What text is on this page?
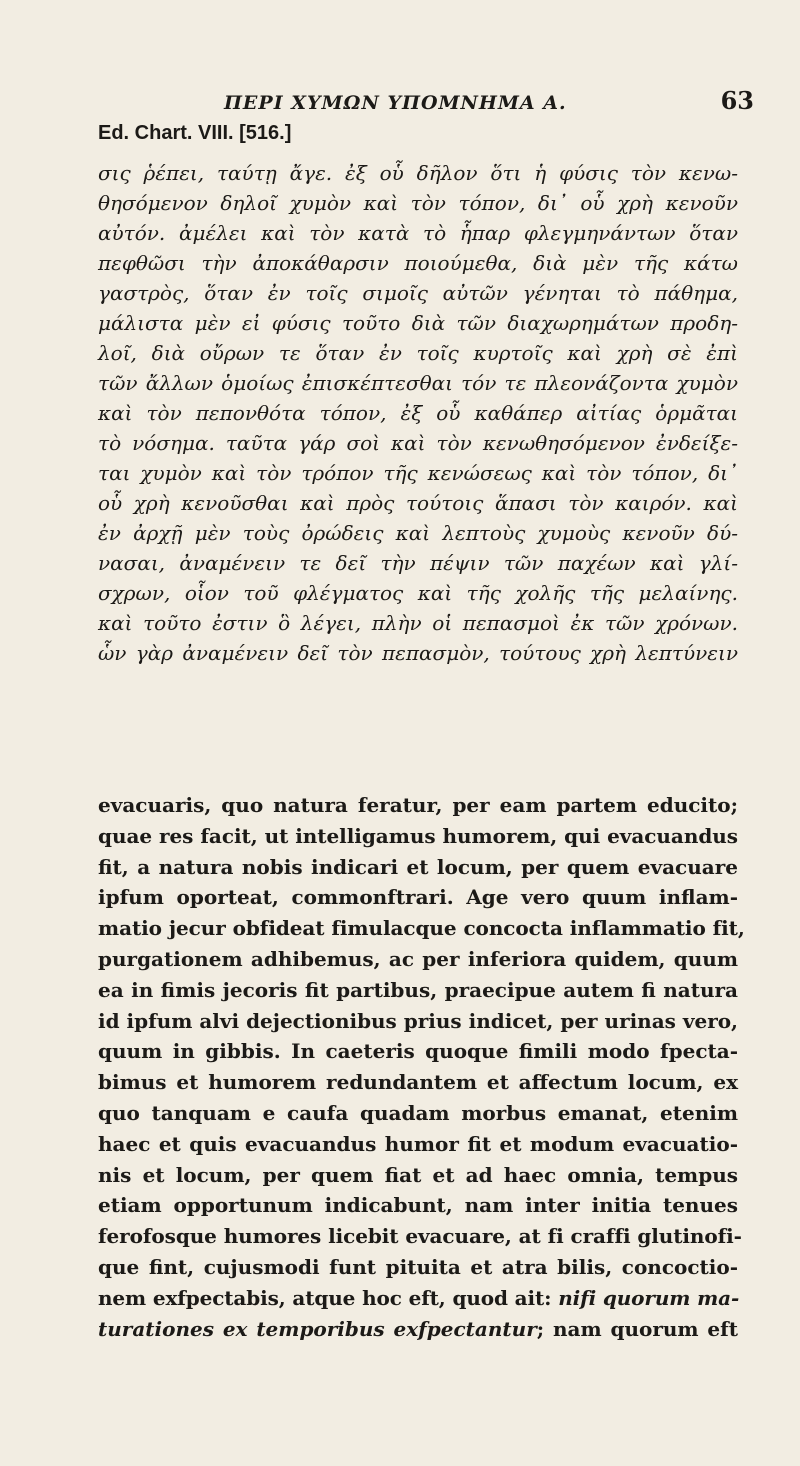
ΠΕΡΙ ΧΥΜΩΝ ΥΠΟΜΝΗΜΑ Α.	63
Ed. Chart. VIII. [516.]
σις ῥέπει, ταύτῃ ἄγε. ἐξ οὗ δῆλον ὅτι ἡ φύσις τὸν κενω-
θησόμενον δηλοῖ χυμὸν καὶ τὸν τόπον, δι᾽ οὗ χρὴ κενοῦν
αὐτόν. ἀμέλει καὶ τὸν κατὰ τὸ ἧπαρ φλεγμηνάντων ὅταν
πεφθῶσι τὴν ἀποκάθαρσιν ποιούμεθα, διὰ μὲν τῆς κάτω
γαστρὸς, ὅταν ἐν τοῖς σιμοῖς αὐτῶν γένηται τὸ πάθημα,
μάλιστα μὲν εἰ φύσις τοῦτο διὰ τῶν διαχωρημάτων προδη-
λοῖ, διὰ οὔρων τε ὅταν ἐν τοῖς κυρτοῖς καὶ χρὴ σὲ ἐπὶ
τῶν ἄλλων ὁμοίως ἐπισκέπτεσθαι τόν τε πλεονάζοντα χυμὸν
καὶ τὸν πεπονθότα τόπον, ἐξ οὗ καθάπερ αἰτίας ὁρμᾶται
τὸ νόσημα. ταῦτα γάρ σοὶ καὶ τὸν κενωθησόμενον ἐνδείξε-
ται χυμὸν καὶ τὸν τρόπον τῆς κενώσεως καὶ τὸν τόπον, δι᾽
οὗ χρὴ κενοῦσθαι καὶ πρὸς τούτοις ἅπασι τὸν καιρόν. καὶ
ἐν ἀρχῇ μὲν τοὺς ὀρώδεις καὶ λεπτοὺς χυμοὺς κενοῦν δύ-
νασαι, ἀναμένειν τε δεῖ τὴν πέψιν τῶν παχέων καὶ γλί-
σχρων, οἷον τοῦ φλέγματος καὶ τῆς χολῆς τῆς μελαίνης.
καὶ τοῦτο ἐστιν ὃ λέγει, πλὴν οἱ πεπασμοὶ ἐκ τῶν χρόνων.
ὧν γὰρ ἀναμένειν δεῖ τὸν πεπασμὸν, τούτους χρὴ λεπτύνειν
evacuaris, quo natura feratur, per eam partem educito;
quae res facit, ut intelligamus humorem, qui evacuandus
fit, a natura nobis indicari et locum, per quem evacuare
ipfum oporteat, commonftrari. Age vero quum inflam-
matio jecur obfideat fimulacque concocta inflammatio fit,
purgationem adhibemus, ac per inferiora quidem, quum
ea in fimis jecoris fit partibus, praecipue autem fi natura
id ipfum alvi dejectionibus prius indicet, per urinas vero,
quum in gibbis. In caeteris quoque fimili modo fpecta-
bimus et humorem redundantem et affectum locum, ex
quo tanquam e caufa quadam morbus emanat, etenim
haec et quis evacuandus humor fit et modum evacuatio-
nis et locum, per quem fiat et ad haec omnia, tempus
etiam opportunum indicabunt, nam inter initia tenues
ferofosque humores licebit evacuare, at fi craffi glutinofi-
que fint, cujusmodi funt pituita et atra bilis, concoctio-
nem exfpectabis, atque hoc eft, quod ait: nifi quorum ma-
turationes ex temporibus exfpectantur; nam quorum eft
